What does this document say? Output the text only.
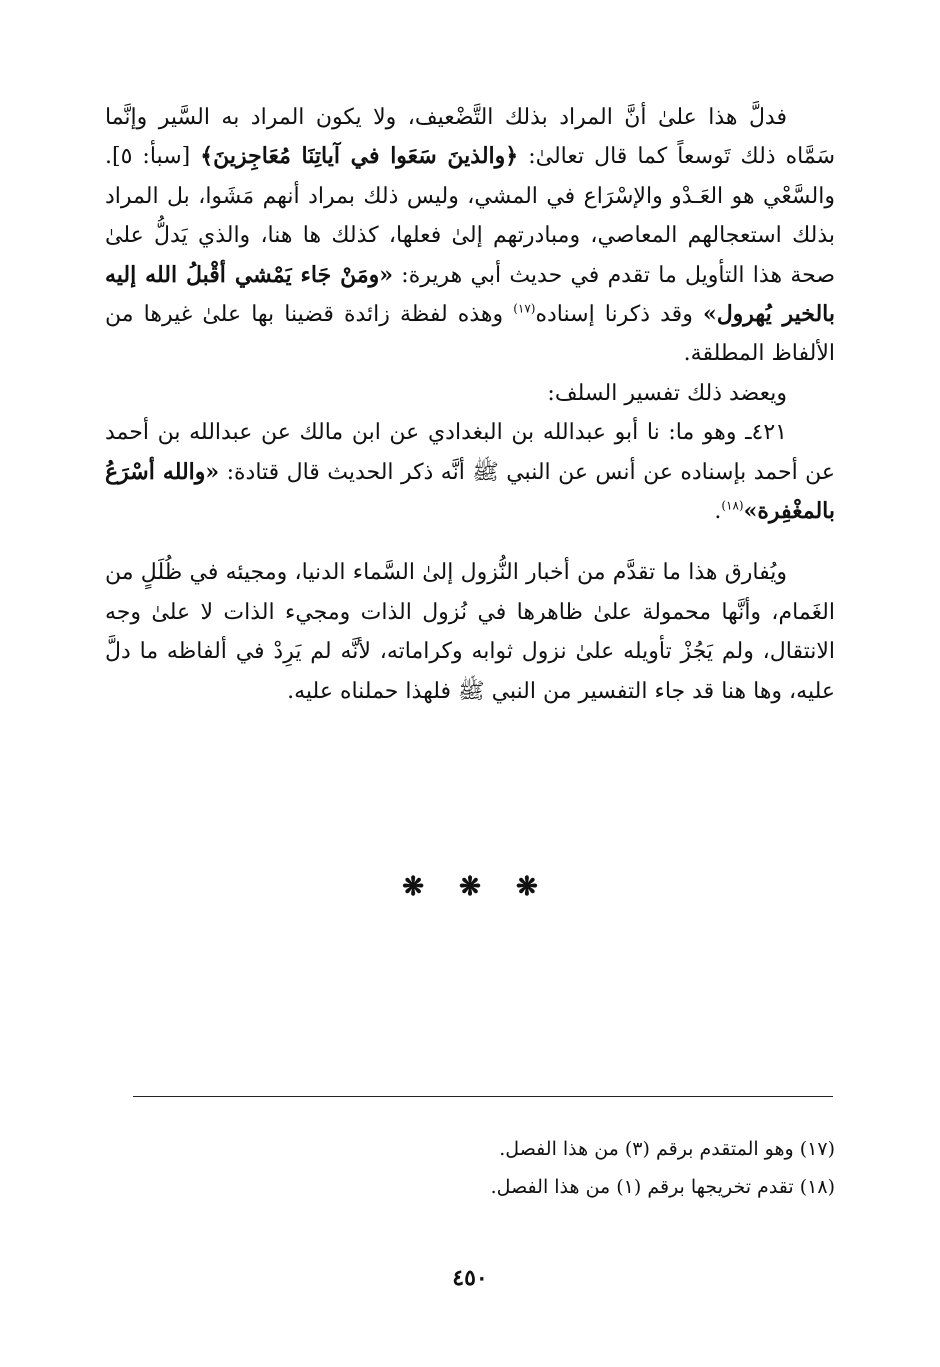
فدلَّ هذا علىٰ أنَّ المراد بذلك التَّضْعيف، ولا يكون المراد به السَّير وإنَّما سَمَّاه ذلك تَوسعاً كما قال تعالىٰ: ﴿والذينَ سَعَوا في آياتِنَا مُعَاجِزينَ﴾ [سبأ: ٥]. والسَّعْي هو العَـدْو والإسْرَاع في المشي، وليس ذلك بمراد أنهم مَشَوا، بل المراد بذلك استعجالهم المعاصي، ومبادرتهم إلىٰ فعلها، كذلك ها هنا، والذي يَدلُّ علىٰ صحة هذا التأويل ما تقدم في حديث أبي هريرة: «ومَنْ جَاء يَمْشي أقْبلُ الله إليه بالخير يُهرول» وقد ذكرنا إسناده$^{(١٧)}$ وهذه لفظة زائدة قضينا بها علىٰ غيرها من الألفاظ المطلقة.

ويعضد ذلك تفسير السلف:

٤٢١ـ وهو ما: نا أبو عبدالله بن البغدادي عن ابن مالك عن عبدالله بن أحمد عن أحمد بإسناده عن أنس عن النبي ﷺ أنَّه ذكر الحديث قال قتادة: «والله أسْرَعُ بالمغْفِرة»$^{(١٨)}$.

ويُفارق هذا ما تقدَّم من أخبار النُّزول إلىٰ السَّماء الدنيا، ومجيئه في ظُلَلٍ من الغَمام، وأنَّها محمولة علىٰ ظاهرها في نُزول الذات ومجيء الذات لا علىٰ وجه الانتقال، ولم يَجُزْ تأويله علىٰ نزول ثوابه وكراماته، لأنَّه لم يَرِدْ في ألفاظه ما دلَّ عليه، وها هنا قد جاء التفسير من النبي ﷺ فلهذا حملناه عليه.

❋ ❋ ❋

(١٧) وهو المتقدم برقم (٣) من هذا الفصل.

(١٨) تقدم تخريجها برقم (١) من هذا الفصل.

٤٥٠
